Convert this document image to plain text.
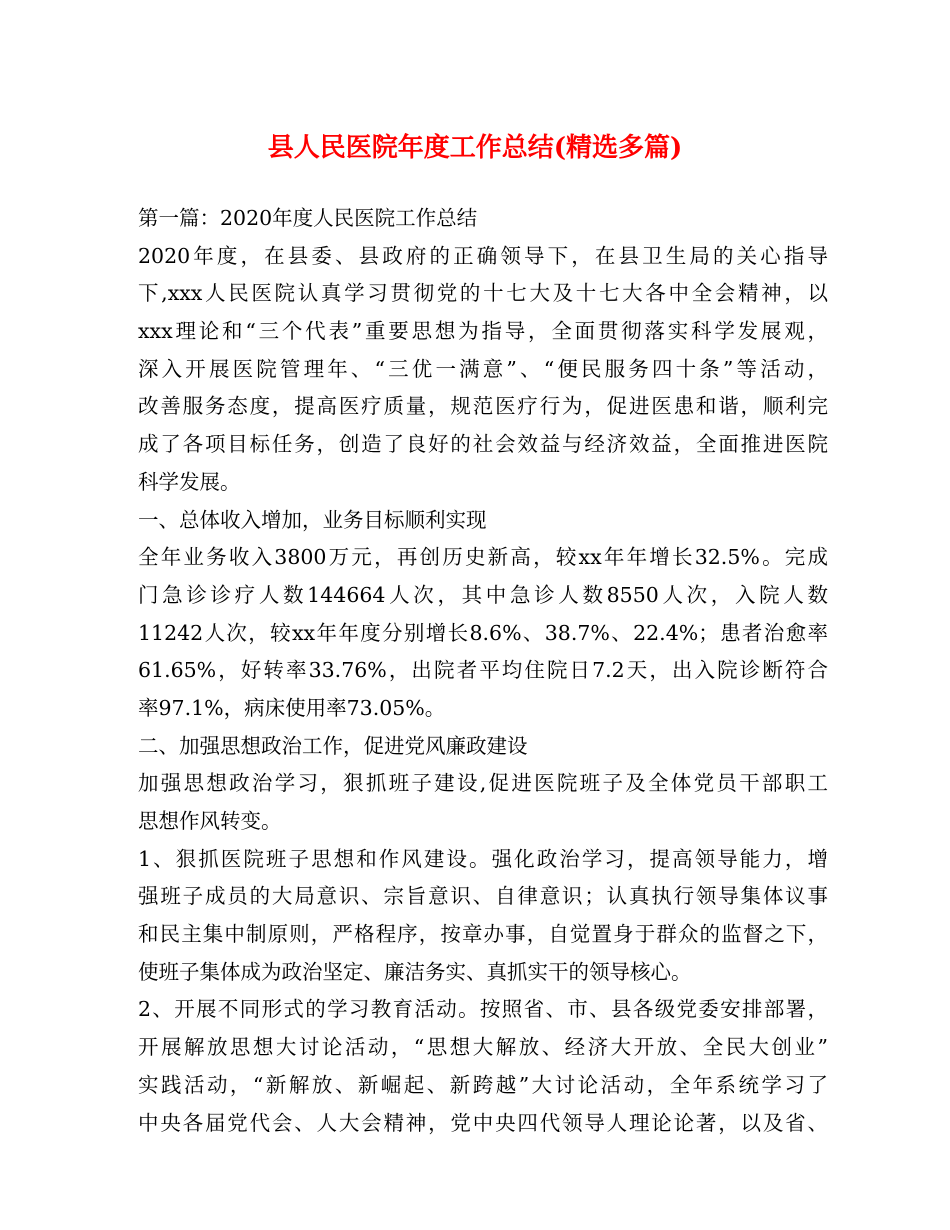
县人民医院年度工作总结(精选多篇)
第一篇：2020年度人民医院工作总结
2020年度，在县委、县政府的正确领导下，在县卫生局的关心指导
下,xxx人民医院认真学习贯彻党的十七大及十七大各中全会精神，以
xxx理论和“三个代表”重要思想为指导，全面贯彻落实科学发展观，
深入开展医院管理年、“三优一满意”、“便民服务四十条”等活动，
改善服务态度，提高医疗质量，规范医疗行为，促进医患和谐，顺利完
成了各项目标任务，创造了良好的社会效益与经济效益，全面推进医院
科学发展。
一、总体收入增加，业务目标顺利实现
全年业务收入3800万元，再创历史新高，较xx年年增长32.5%。完成
门急诊诊疗人数144664人次，其中急诊人数8550人次，入院人数
11242人次，较xx年年度分别增长8.6%、38.7%、22.4%；患者治愈率
61.65%，好转率33.76%，出院者平均住院日7.2天，出入院诊断符合
率97.1%，病床使用率73.05%。
二、加强思想政治工作，促进党风廉政建设
加强思想政治学习，狠抓班子建设,促进医院班子及全体党员干部职工
思想作风转变。
1、狠抓医院班子思想和作风建设。强化政治学习，提高领导能力，增
强班子成员的大局意识、宗旨意识、自律意识；认真执行领导集体议事
和民主集中制原则，严格程序，按章办事，自觉置身于群众的监督之下，
使班子集体成为政治坚定、廉洁务实、真抓实干的领导核心。
2、开展不同形式的学习教育活动。按照省、市、县各级党委安排部署，
开展解放思想大讨论活动，“思想大解放、经济大开放、全民大创业”
实践活动，“新解放、新崛起、新跨越”大讨论活动，全年系统学习了
中央各届党代会、人大会精神，党中央四代领导人理论论著，以及省、
